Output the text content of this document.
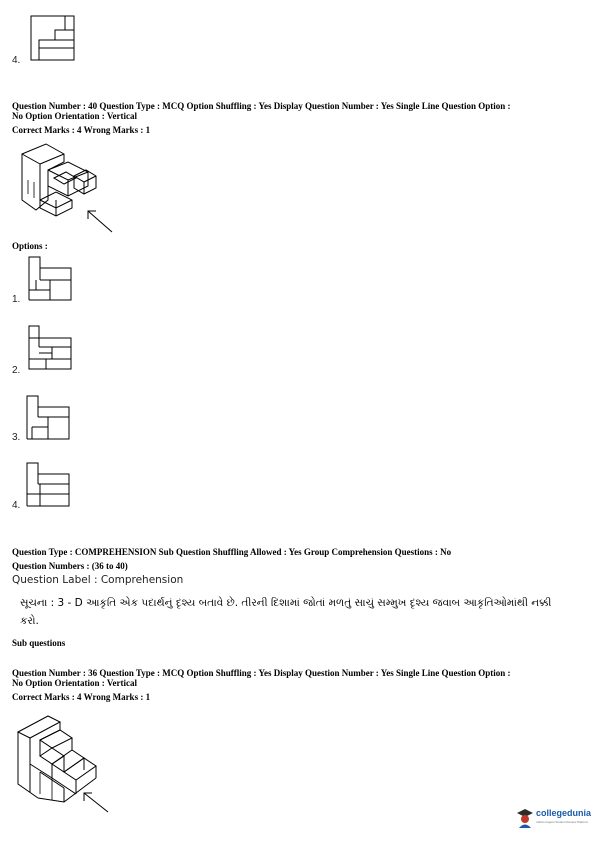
4.
Question Number : 40 Question Type : MCQ Option Shuffling : Yes Display Question Number : Yes Single Line Question Option :
No Option Orientation : Vertical
Correct Marks : 4 Wrong Marks : 1
Options :
1.
2.
3.
4.
Question Type : COMPREHENSION Sub Question Shuffling Allowed : Yes Group Comprehension Questions : No
Question Numbers : (36 to 40)
Question Label : Comprehension
સૂચના : 3 - D આકૃતિ એક પદાર્થનું દૃશ્ય બતાવે છે. તીરની દિશામાં જોતાં મળતું સાચું સમ્મુખ દૃશ્ય જવાબ આકૃતિઓમાંથી નક્કી
કરો.
Sub questions
Question Number : 36 Question Type : MCQ Option Shuffling : Yes Display Question Number : Yes Single Line Question Option :
No Option Orientation : Vertical
Correct Marks : 4 Wrong Marks : 1
collegedunia
India's largest Student Review Platform
